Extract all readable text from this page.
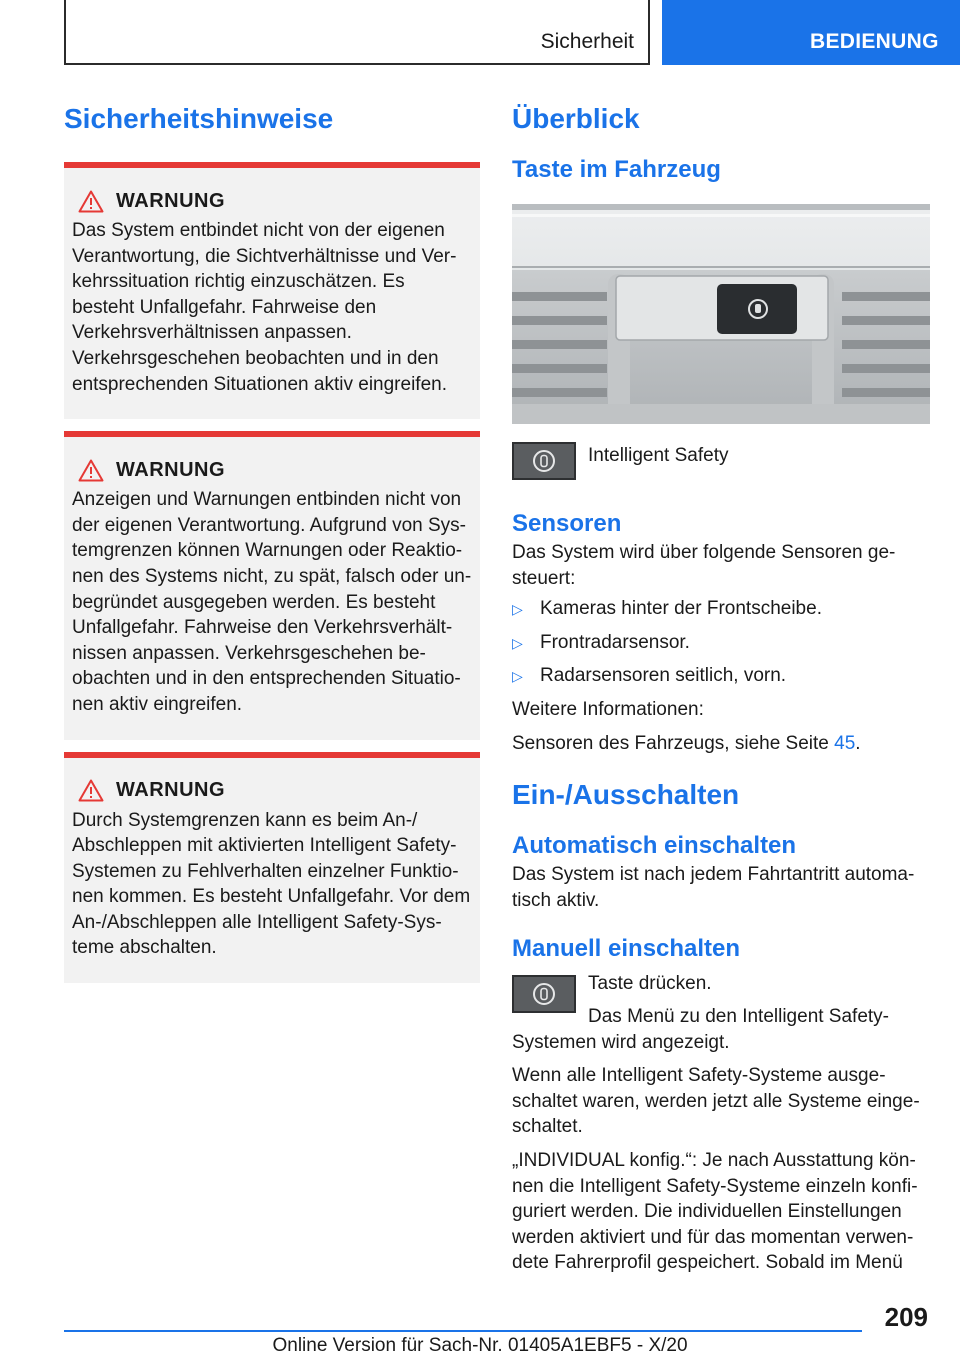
Sicherheit	BEDIENUNG
Sicherheitshinweise
WARNUNG

Das System entbindet nicht von der eigenen Verantwortung, die Sichtverhältnisse und Verkehrssituation richtig einzuschätzen. Es besteht Unfallgefahr. Fahrweise den Verkehrsverhältnissen anpassen. Verkehrsgeschehen beobachten und in den entsprechenden Situationen aktiv eingreifen.

WARNUNG

Anzeigen und Warnungen entbinden nicht von der eigenen Verantwortung. Aufgrund von Systemgrenzen können Warnungen oder Reaktionen des Systems nicht, zu spät, falsch oder unbegründet ausgegeben werden. Es besteht Unfallgefahr. Fahrweise den Verkehrsverhältnissen anpassen. Verkehrsgeschehen beobachten und in den entsprechenden Situationen aktiv eingreifen.

WARNUNG

Durch Systemgrenzen kann es beim An-/ Abschleppen mit aktivierten Intelligent Safety-Systemen zu Fehlverhalten einzelner Funktionen kommen. Es besteht Unfallgefahr. Vor dem An-/Abschleppen alle Intelligent Safety-Systeme abschalten.

Überblick
Taste im Fahrzeug
Intelligent Safety
Sensoren

Das System wird über folgende Sensoren gesteuert:

▷ Kameras hinter der Frontscheibe.
▷ Frontradarsensor.
▷ Radarsensoren seitlich, vorn.

Weitere Informationen:

Sensoren des Fahrzeugs, siehe Seite 45.

Ein-/Ausschalten
Automatisch einschalten

Das System ist nach jedem Fahrtantritt automatisch aktiv.

Manuell einschalten

Taste drücken.

Das Menü zu den Intelligent Safety-Systemen wird angezeigt.

Wenn alle Intelligent Safety-Systeme ausgeschaltet waren, werden jetzt alle Systeme eingeschaltet.

„INDIVIDUAL konfig.“: Je nach Ausstattung können die Intelligent Safety-Systeme einzeln konfiguriert werden. Die individuellen Einstellungen werden aktiviert und für das momentan verwendete Fahrerprofil gespeichert. Sobald im Menü

209
Online Version für Sach-Nr. 01405A1EBF5 - X/20
